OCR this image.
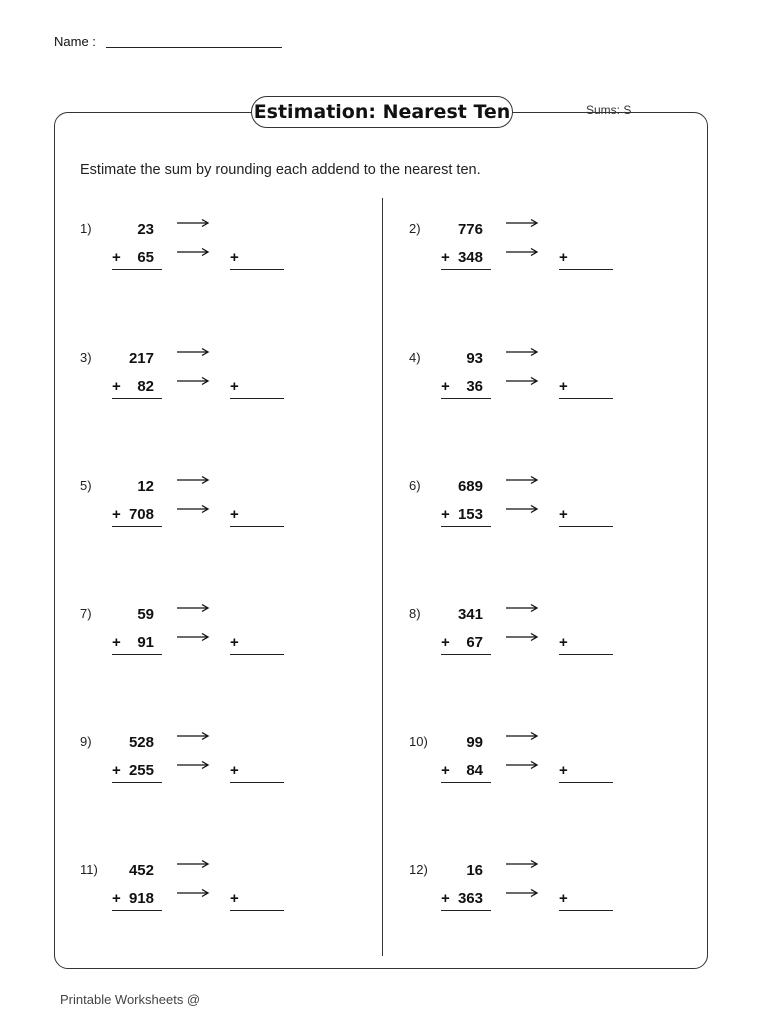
Name :
Estimation: Nearest Ten	Sums: S
Estimate the sum by rounding each addend to the nearest ten.
1)	23
+ 65	+
2) 776
+ 348	+
3) 217
+ 82	+
4)	93
+ 36	+
5)	12
+ 708	+
6) 689
+ 153	+
7)	59
+ 91	+
8) 341
+ 67	+
9) 528
+ 255	+
10)	99
+ 84	+
11) 452
+ 918	+
12)	16
+ 363	+
Printable Worksheets @
